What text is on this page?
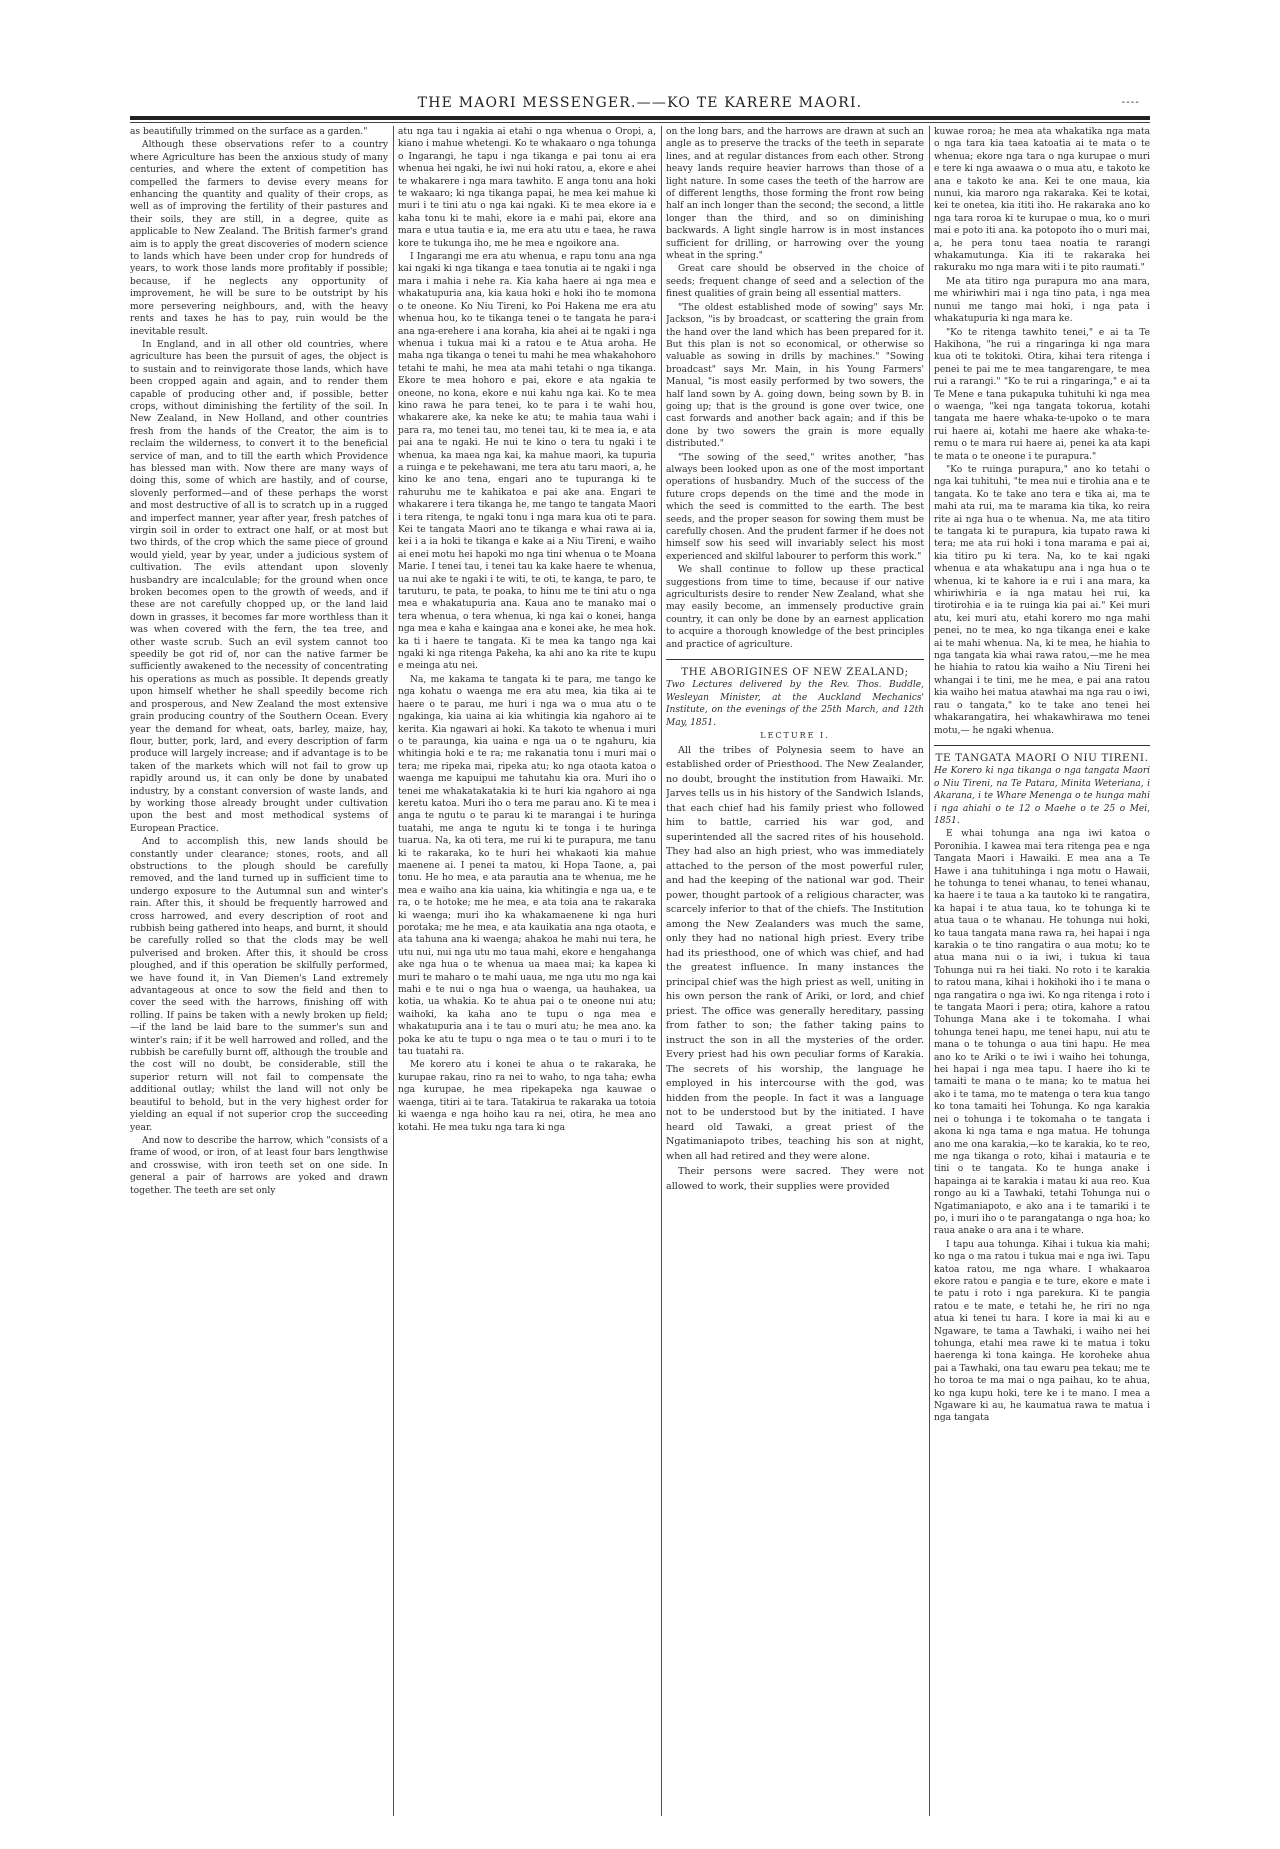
THE MAORI MESSENGER.——KO TE KARERE MAORI.	----

as beautifully trimmed on the surface as a garden."

Although these observations refer to a country where Agriculture has been the anxious study of many centuries, and where the extent of competition has compelled the farmers to devise every means for enhancing the quantity and quality of their crops, as well as of improving the fertility of their pastures and their soils, they are still, in a degree, quite as applicable to New Zealand. The British farmer's grand aim is to apply the great discoveries of modern science to lands which have been under crop for hundreds of years, to work those lands more profitably if possible; because, if he neglects any opportunity of improvement, he will be sure to be outstript by his more persevering neighbours, and, with the heavy rents and taxes he has to pay, ruin would be the inevitable result.

In England, and in all other old countries, where agriculture has been the pursuit of ages, the object is to sustain and to reinvigorate those lands, which have been cropped again and again, and to render them capable of producing other and, if possible, better crops, without diminishing the fertility of the soil. In New Zealand, in New Holland, and other countries fresh from the hands of the Creator, the aim is to reclaim the wilderness, to convert it to the beneficial service of man, and to till the earth which Providence has blessed man with. Now there are many ways of doing this, some of which are hastily, and of course, slovenly performed—and of these perhaps the worst and most destructive of all is to scratch up in a rugged and imperfect manner, year after year, fresh patches of virgin soil in order to extract one half, or at most but two thirds, of the crop which the same piece of ground would yield, year by year, under a judicious system of cultivation. The evils attendant upon slovenly husbandry are incalculable; for the ground when once broken becomes open to the growth of weeds, and if these are not carefully chopped up, or the land laid down in grasses, it becomes far more worthless than it was when covered with the fern, the tea tree, and other waste scrub. Such an evil system cannot too speedily be got rid of, nor can the native farmer be sufficiently awakened to the necessity of concentrating his operations as much as possible. It depends greatly upon himself whether he shall speedily become rich and prosperous, and New Zealand the most extensive grain producing country of the Southern Ocean. Every year the demand for wheat, oats, barley, maize, hay, flour, butter, pork, lard, and every description of farm produce will largely increase; and if advantage is to be taken of the markets which will not fail to grow up rapidly around us, it can only be done by unabated industry, by a constant conversion of waste lands, and by working those already brought under cultivation upon the best and most methodical systems of European Practice.

And to accomplish this, new lands should be constantly under clearance; stones, roots, and all obstructions to the plough should be carefully removed, and the land turned up in sufficient time to undergo exposure to the Autumnal sun and winter's rain. After this, it should be frequently harrowed and cross harrowed, and every description of root and rubbish being gathered into heaps, and burnt, it should be carefully rolled so that the clods may be well pulverised and broken. After this, it should be cross ploughed, and if this operation be skilfully performed, we have found it, in Van Diemen's Land extremely advantageous at once to sow the field and then to cover the seed with the harrows, finishing off with rolling. If pains be taken with a newly broken up field;—if the land be laid bare to the summer's sun and winter's rain; if it be well harrowed and rolled, and the rubbish be carefully burnt off, although the trouble and the cost will no doubt, be considerable, still the superior return will not fail to compensate the additional outlay; whilst the land will not only be beautiful to behold, but in the very highest order for yielding an equal if not superior crop the succeeding year.

And now to describe the harrow, which "consists of a frame of wood, or iron, of at least four bars lengthwise and crosswise, with iron teeth set on one side. In general a pair of harrows are yoked and drawn together. The teeth are set only

atu nga tau i ngakia ai etahi o nga whenua o Oropi, a, kiano i mahue whetengi. Ko te whakaaro o nga tohunga o Ingarangi, he tapu i nga tikanga e pai tonu ai era whenua hei ngaki, he iwi nui hoki ratou, a, ekore e ahei te whakarere i nga mara tawhito. E anga tonu ana hoki te wakaaro; ki nga tikanga papai, he mea kei mahue ki muri i te tini atu o nga kai ngaki. Ki te mea ekore ia e kaha tonu ki te mahi, ekore ia e mahi pai, ekore ana mara e utua tautia e ia, me era atu utu e taea, he rawa kore te tukunga iho, me he mea e ngoikore ana.

I Ingarangi me era atu whenua, e rapu tonu ana nga kai ngaki ki nga tikanga e taea tonutia ai te ngaki i nga mara i mahia i nehe ra. Kia kaha haere ai nga mea e whakatupuria ana, kia kaua hoki e hoki iho te momona o te oneone. Ko Niu Tireni, ko Poi Hakena me era atu whenua hou, ko te tikanga tenei o te tangata he para-i ana nga-erehere i ana koraha, kia ahei ai te ngaki i nga whenua i tukua mai ki a ratou e te Atua aroha. He maha nga tikanga o tenei tu mahi he mea whakahohoro tetahi te mahi, he mea ata mahi tetahi o nga tikanga. Ekore te mea hohoro e pai, ekore e ata ngakia te oneone, no kona, ekore e nui kahu nga kai. Ko te mea kino rawa he para tenei, ko te para i te wahi hou, whakarere ake, ka neke ke atu; te mahia taua wahi i para ra, mo tenei tau, mo tenei tau, ki te mea ia, e ata pai ana te ngaki. He nui te kino o tera tu ngaki i te whenua, ka maea nga kai, ka mahue maori, ka tupuria a ruinga e te pekehawani, me tera atu taru maori, a, he kino ke ano tena, engari ano te tupuranga ki te rahuruhu me te kahikatoa e pai ake ana. Engari te whakarere i tera tikanga he, me tango te tangata Maori i tera ritenga, te ngaki tonu i nga mara kua oti te para. Kei te tangata Maori ano te tikanga e whai rawa ai ia, kei i a ia hoki te tikanga e kake ai a Niu Tireni, e waiho ai enei motu hei hapoki mo nga tini whenua o te Moana Marie. I tenei tau, i tenei tau ka kake haere te whenua, ua nui ake te ngaki i te witi, te oti, te kanga, te paro, te taruturu, te pata, te poaka, to hinu me te tini atu o nga mea e whakatupuria ana. Kaua ano te manako mai o tera whenua, o tera whenua, ki nga kai o konei, hanga nga mea e kaha e kaingaa ana e konei ake, he mea hok. ka ti i haere te tangata. Ki te mea ka tango nga kai ngaki ki nga ritenga Pakeha, ka ahi ano ka rite te kupu e meinga atu nei.

Na, me kakama te tangata ki te para, me tango ke nga kohatu o waenga me era atu mea, kia tika ai te haere o te parau, me huri i nga wa o mua atu o te ngakinga, kia uaina ai kia whitingia kia ngahoro ai te kerita. Kia ngawari ai hoki. Ka takoto te whenua i muri o te paraunga, kia uaina e nga ua o te ngahuru, kia whitingia hoki e te ra; me rakanatia tonu i muri mai o tera; me ripeka mai, ripeka atu; ko nga otaota katoa o waenga me kapuipui me tahutahu kia ora. Muri iho o tenei me whakatakatakia ki te huri kia ngahoro ai nga keretu katoa. Muri iho o tera me parau ano. Ki te mea i anga te ngutu o te parau ki te marangai i te huringa tuatahi, me anga te ngutu ki te tonga i te huringa tuarua. Na, ka oti tera, me rui ki te purapura, me tanu ki te rakaraka, ko te huri hei whakaoti kia mahue maenene ai. I penei ta matou, ki Hopa Taone, a, pai tonu. He ho mea, e ata parautia ana te whenua, me he mea e waiho ana kia uaina, kia whitingia e nga ua, e te ra, o te hotoke; me he mea, e ata toia ana te rakaraka ki waenga; muri iho ka whakamaenene ki nga huri porotaka; me he mea, e ata kauikatia ana nga otaota, e ata tahuna ana ki waenga; ahakoa he mahi nui tera, he utu nui, nui nga utu mo taua mahi, ekore e hengahanga ake nga hua o te whenua ua maea mai; ka kapea ki muri te maharo o te mahi uaua, me nga utu mo nga kai mahi e te nui o nga hua o waenga, ua hauhakea, ua kotia, ua whakia. Ko te ahua pai o te oneone nui atu; waihoki, ka kaha ano te tupu o nga mea e whakatupuria ana i te tau o muri atu; he mea ano. ka poka ke atu te tupu o nga mea o te tau o muri i to te tau tuatahi ra.

Me korero atu i konei te ahua o te rakaraka, he kurupae rakau, rino ra nei to waho, to nga taha; ewha nga kurupae, he mea ripekapeka nga kauwae o waenga, titiri ai te tara. Tatakirua te rakaraka ua totoia ki waenga e nga hoiho kau ra nei, otira, he mea ano kotahi. He mea tuku nga tara ki nga

on the long bars, and the harrows are drawn at such an angle as to preserve the tracks of the teeth in separate lines, and at regular distances from each other. Strong heavy lands require heavier harrows than those of a light nature. In some cases the teeth of the harrow are of different lengths, those forming the front row being half an inch longer than the second; the second, a little longer than the third, and so on diminishing backwards. A light single harrow is in most instances sufficient for drilling, or harrowing over the young wheat in the spring."

Great care should be observed in the choice of seeds; frequent change of seed and a selection of the finest qualities of grain being all essential matters.

"The oldest established mode of sowing" says Mr. Jackson, "is by broadcast, or scattering the grain from the hand over the land which has been prepared for it. But this plan is not so economical, or otherwise so valuable as sowing in drills by machines." "Sowing broadcast" says Mr. Main, in his Young Farmers' Manual, "is most easily performed by two sowers, the half land sown by A. going down, being sown by B. in going up; that is the ground is gone over twice, one cast forwards and another back again; and if this be done by two sowers the grain is more equally distributed."

"The sowing of the seed," writes another, "has always been looked upon as one of the most important operations of husbandry. Much of the success of the future crops depends on the time and the mode in which the seed is committed to the earth. The best seeds, and the proper season for sowing them must be carefully chosen. And the prudent farmer if he does not himself sow his seed will invariably select his most experienced and skilful labourer to perform this work."

We shall continue to follow up these practical suggestions from time to time, because if our native agriculturists desire to render New Zealand, what she may easily become, an immensely productive grain country, it can only be done by an earnest application to acquire a thorough knowledge of the best principles and practice of agriculture.

THE ABORIGINES OF NEW ZEALAND;

Two Lectures delivered by the Rev. Thos. Buddle, Wesleyan Minister, at the Auckland Mechanics' Institute, on the evenings of the 25th March, and 12th May, 1851.

LECTURE I.

All the tribes of Polynesia seem to have an established order of Priesthood. The New Zealander, no doubt, brought the institution from Hawaiki. Mr. Jarves tells us in his history of the Sandwich Islands, that each chief had his family priest who followed him to battle, carried his war god, and superintended all the sacred rites of his household. They had also an high priest, who was immediately attached to the person of the most powerful ruler, and had the keeping of the national war god. Their power, thought partook of a religious character, was scarcely inferior to that of the chiefs. The Institution among the New Zealanders was much the same, only they had no national high priest. Every tribe had its priesthood, one of which was chief, and had the greatest influence. In many instances the principal chief was the high priest as well, uniting in his own person the rank of Ariki, or lord, and chief priest. The office was generally hereditary, passing from father to son; the father taking pains to instruct the son in all the mysteries of the order. Every priest had his own peculiar forms of Karakia. The secrets of his worship, the language he employed in his intercourse with the god, was hidden from the people. In fact it was a language not to be understood but by the initiated. I have heard old Tawaki, a great priest of the Ngatimaniapoto tribes, teaching his son at night, when all had retired and they were alone.

Their persons were sacred. They were not allowed to work, their supplies were provided

kuwae roroa; he mea ata whakatika nga mata o nga tara kia taea katoatia ai te mata o te whenua; ekore nga tara o nga kurupae o muri e tere ki nga awaawa o o mua atu, e takoto ke ana e takoto ke ana. Kei te one maua, kia nunui, kia maroro nga rakaraka. Kei te kotai, kei te onetea, kia ititi iho. He rakaraka ano ko nga tara roroa ki te kurupae o mua, ko o muri mai e poto iti ana. ka potopoto iho o muri mai, a, he pera tonu taea noatia te rarangi whakamutunga. Kia iti te rakaraka hei rakuraku mo nga mara witi i te pito raumati."

Me ata titiro nga purapura mo ana mara, me whiriwhiri mai i nga tino pata, i nga mea nunui me tango mai hoki, i nga pata i whakatupuria ki nga mara ke.

"Ko te ritenga tawhito tenei," e ai ta Te Hakihona, "he rui a ringaringa ki nga mara kua oti te tokitoki. Otira, kihai tera ritenga i penei te pai me te mea tangarengare, te mea rui a rarangi." "Ko te rui a ringaringa," e ai ta Te Mene e tana pukapuka tuhituhi ki nga mea o waenga, "kei nga tangata tokorua, kotahi tangata me haere whaka-te-upoko o te mara rui haere ai, kotahi me haere ake whaka-te-remu o te mara rui haere ai, penei ka ata kapi te mata o te oneone i te purapura."

"Ko te ruinga purapura," ano ko tetahi o nga kai tuhituhi, "te mea nui e tirohia ana e te tangata. Ko te take ano tera e tika ai, ma te mahi ata rui, ma te marama kia tika, ko reira rite ai nga hua o te whenua. Na, me ata titiro te tangata ki te purapura, kia tupato rawa ki tera; me ata rui hoki i tona marama e pai ai, kia titiro pu ki tera. Na, ko te kai ngaki whenua e ata whakatupu ana i nga hua o te whenua, ki te kahore ia e rui i ana mara, ka whiriwhiria e ia nga matau hei rui, ka tirotirohia e ia te ruinga kia pai ai." Kei muri atu, kei muri atu, etahi korero mo nga mahi penei, no te mea, ko nga tikanga enei e kake ai te mahi whenua. Na, ki te mea, he hiahia to nga tangata kia whai rawa ratou,—me he mea he hiahia to ratou kia waiho a Niu Tireni hei whangai i te tini, me he mea, e pai ana ratou kia waiho hei matua atawhai ma nga rau o iwi, rau o tangata," ko te take ano tenei hei whakarangatira, hei whakawhirawa mo tenei motu,— he ngaki whenua.

TE TANGATA MAORI O NIU TIRENI.

He Korero ki nga tikanga o nga tangata Maori o Niu Tireni, na Te Patara, Minita Weteriana, i Akarana, i te Whare Menenga o te hunga mahi i nga ahiahi o te 12 o Maehe o te 25 o Mei, 1851.

E whai tohunga ana nga iwi katoa o Poronihia. I kawea mai tera ritenga pea e nga Tangata Maori i Hawaiki. E mea ana a Te Hawe i ana tuhituhinga i nga motu o Hawaii, he tohunga to tenei whanau, to tenei whanau, ka haere i te taua a ka tautoko ki te rangatira, ka hapai i te atua taua, ko te tohunga ki te atua taua o te whanau. He tohunga nui hoki, ko taua tangata mana rawa ra, hei hapai i nga karakia o te tino rangatira o aua motu; ko te atua mana nui o ia iwi, i tukua ki taua Tohunga nui ra hei tiaki. No roto i te karakia to ratou mana, kihai i hokihoki iho i te mana o nga rangatira o nga iwi. Ko nga ritenga i roto i te tangata Maori i pera; otira, kahore a ratou Tohunga Mana ake i te tokomaha. I whai tohunga tenei hapu, me tenei hapu, nui atu te mana o te tohunga o aua tini hapu. He mea ano ko te Ariki o te iwi i waiho hei tohunga, hei hapai i nga mea tapu. I haere iho ki te tamaiti te mana o te mana; ko te matua hei ako i te tama, mo te matenga o tera kua tango ko tona tamaiti hei Tohunga. Ko nga karakia nei o tohunga i te tokomaha o te tangata i akona ki nga tama e nga matua. He tohunga ano me ona karakia,—ko te karakia, ko te reo, me nga tikanga o roto, kihai i matauria e te tini o te tangata. Ko te hunga anake i hapainga ai te karakia i matau ki aua reo. Kua rongo au ki a Tawhaki, tetahi Tohunga nui o Ngatimaniapoto, e ako ana i te tamariki i te po, i muri iho o te parangatanga o nga hoa; ko raua anake o ara ana i te whare.

I tapu aua tohunga. Kihai i tukua kia mahi; ko nga o ma ratou i tukua mai e nga iwi. Tapu katoa ratou, me nga whare. I whakaaroa ekore ratou e pangia e te ture, ekore e mate i te patu i roto i nga parekura. Ki te pangia ratou e te mate, e tetahi he, he riri no nga atua ki tenei tu hara. I kore ia mai ki au e Ngaware, te tama a Tawhaki, i waiho nei hei tohunga, etahi mea rawe ki te matua i toku haerenga ki tona kainga. He koroheke ahua pai a Tawhaki, ona tau ewaru pea tekau; me te ho toroa te ma mai o nga paihau, ko te ahua, ko nga kupu hoki, tere ke i te mano. I mea a Ngaware ki au, he kaumatua rawa te matua i nga tangata
